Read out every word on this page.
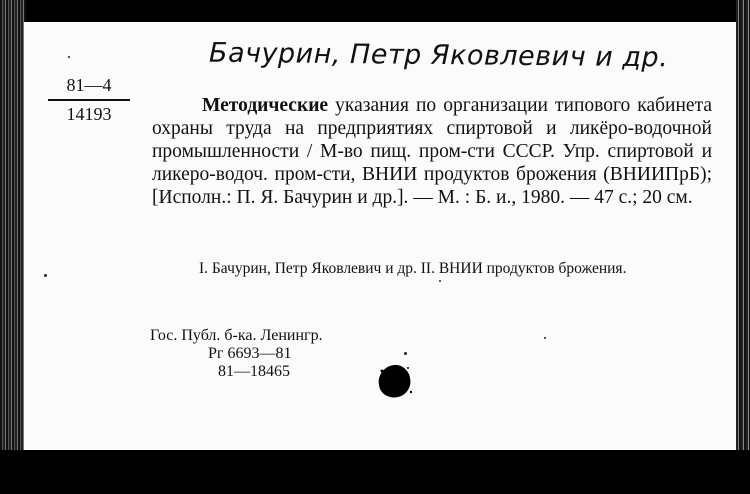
Бачурин, Петр Яковлевич и др.
81—4
14193	Методические указания по организации типового кабинета охраны труда на предприятиях спиртовой и ликёро-водочной промышленности / М-во пищ. пром-сти СССР. Упр. спиртовой и ликеро-водоч. пром-сти, ВНИИ продуктов брожения (ВНИИПрБ); [Исполн.: П. Я. Бачурин и др.]. — М. : Б. и., 1980. — 47 с.; 20 см.
I. Бачурин, Петр Яковлевич и др. II. ВНИИ продуктов брожения.
Гос. Публ. б-ка. Ленингр.
Рг 6693—81
81—18465
